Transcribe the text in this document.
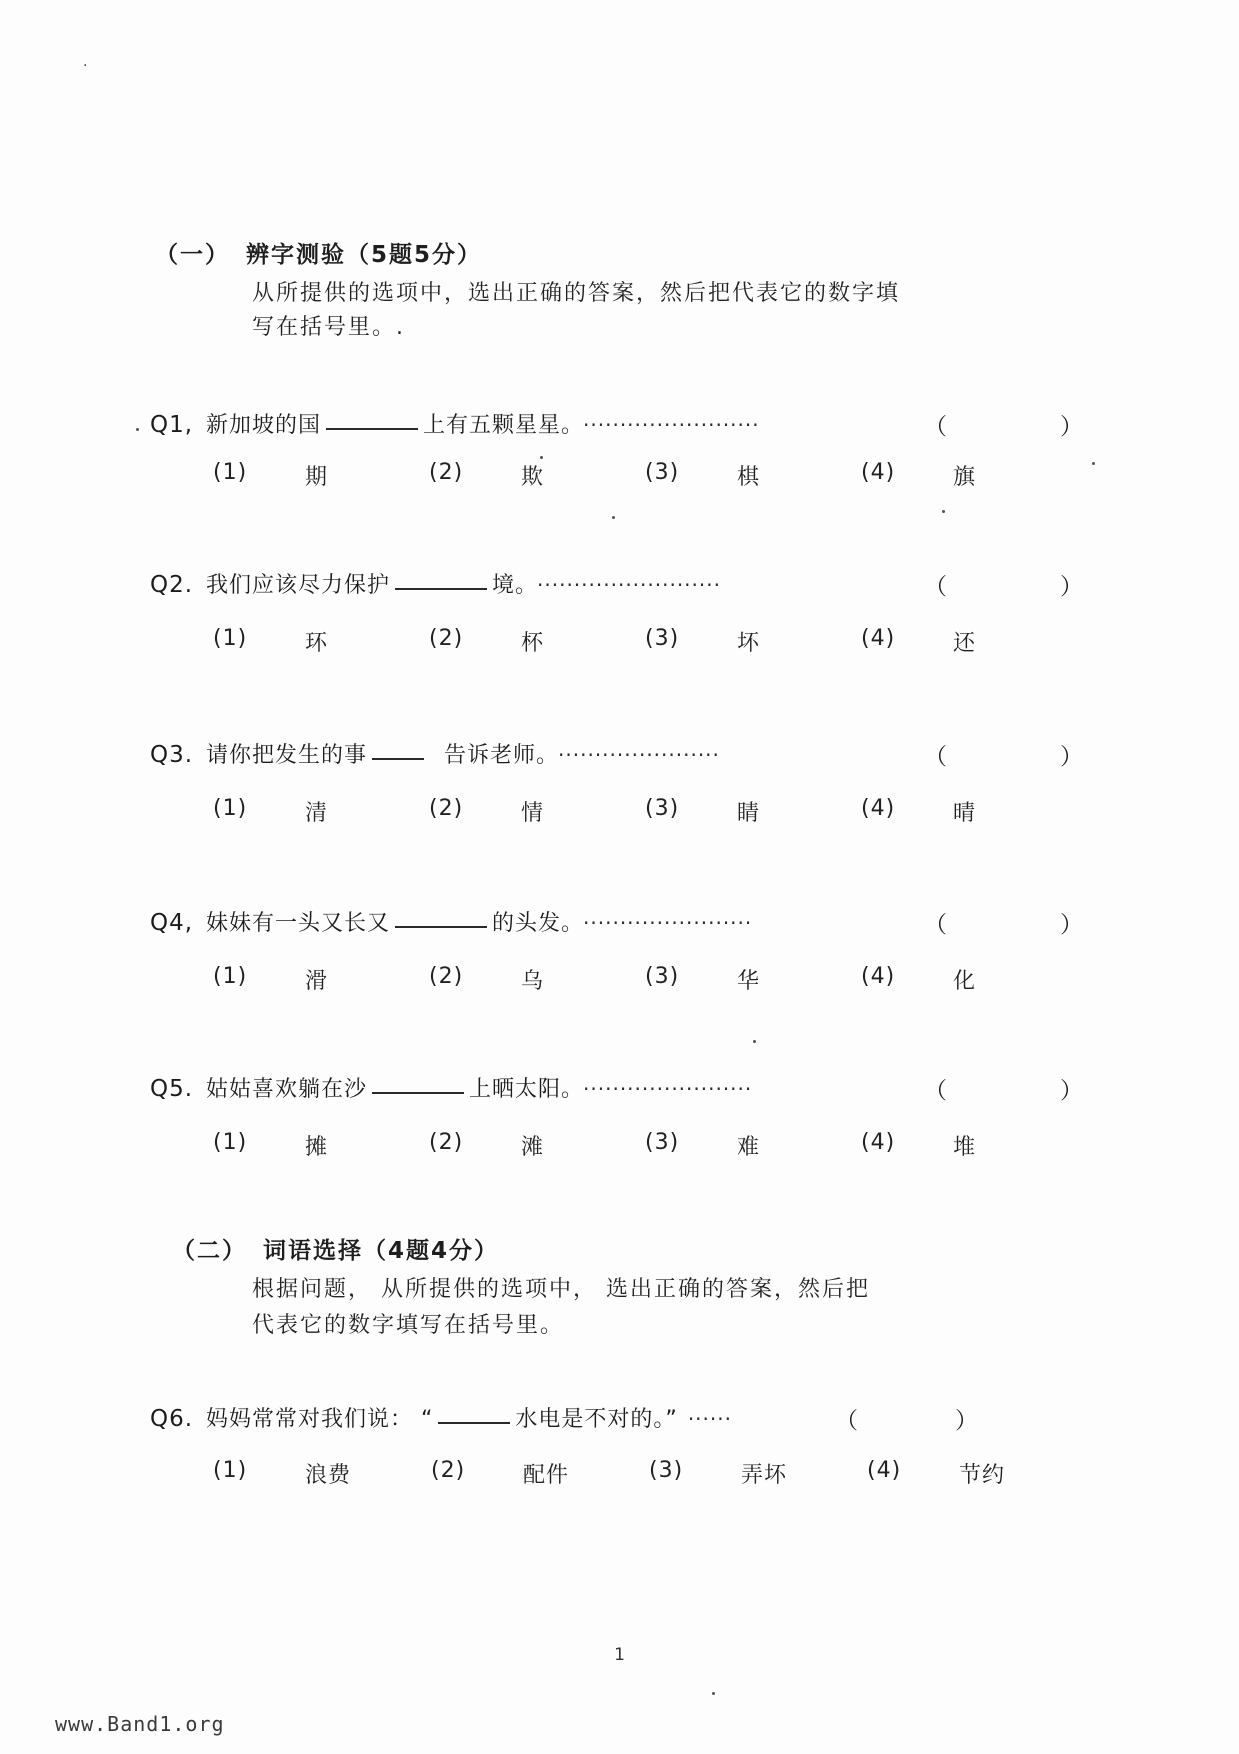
·
（一） 辨字测验（5题5分）
从所提供的选项中，选出正确的答案，然后把代表它的数字填
写在括号里。.
Q1, 新加坡的国	上有五颗星星。 ························	（	）
(1)	期	(2)	欺	(3)	棋	(4)	旗
Q2. 我们应该尽力保护	境。 ·························	（	）
(1)	环	(2)	杯	(3)	坏	(4)	还
Q3. 请你把发生的事	告诉老师。 ······················	（	）
(1)	清	(2)	情	(3)	睛	(4)	晴
Q4, 妹妹有一头又长又	的头发。 ·······················	（	）
(1)	滑	(2)	乌	(3)	华	(4)	化
Q5. 姑姑喜欢躺在沙	上晒太阳。 ·······················	（	）
(1)	摊	(2)	滩	(3)	难	(4)	堆
（二） 词语选择（4题4分）
根据问题， 从所提供的选项中， 选出正确的答案，然后把
代表它的数字填写在括号里。
Q6. 妈妈常常对我们说： “	水电是不对的。” ······	（	）
(1)	浪费	(2)	配件	(3)	弄坏	(4)	节约
1
www.Band1.org
